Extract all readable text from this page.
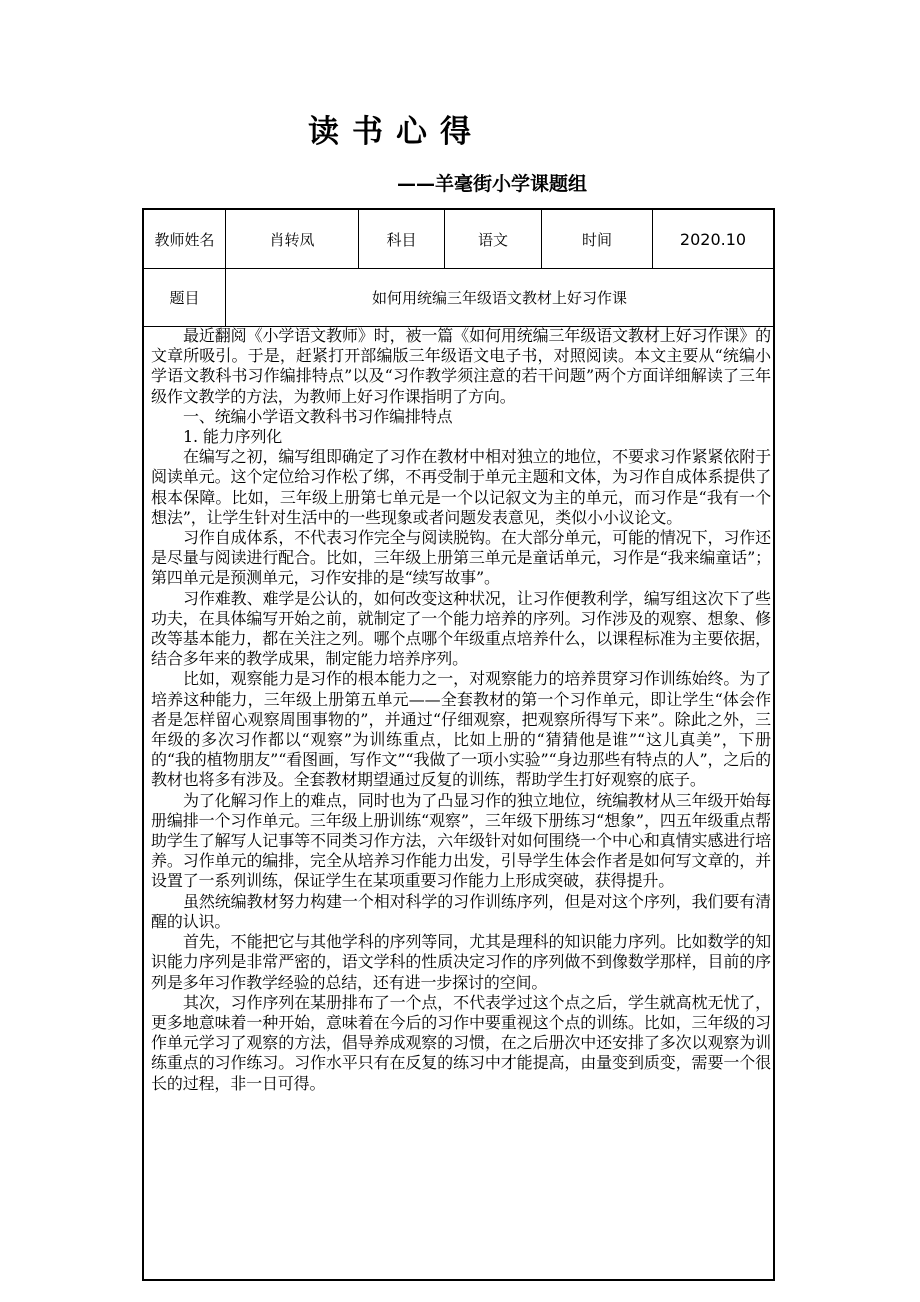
读书心得
——羊毫街小学课题组
教师姓名	肖转凤	科目	语文	时间	2020.10
题目	如何用统编三年级语文教材上好习作课

最近翻阅《小学语文教师》时，被一篇《如何用统编三年级语文教材上好习作课》的文章所吸引。于是，赶紧打开部编版三年级语文电子书，对照阅读。本文主要从“统编小学语文教科书习作编排特点”以及“习作教学须注意的若干问题”两个方面详细解读了三年级作文教学的方法，为教师上好习作课指明了方向。

一、统编小学语文教科书习作编排特点

1. 能力序列化

在编写之初，编写组即确定了习作在教材中相对独立的地位，不要求习作紧紧依附于阅读单元。这个定位给习作松了绑，不再受制于单元主题和文体，为习作自成体系提供了根本保障。比如，三年级上册第七单元是一个以记叙文为主的单元，而习作是“我有一个想法”，让学生针对生活中的一些现象或者问题发表意见，类似小小议论文。

习作自成体系，不代表习作完全与阅读脱钩。在大部分单元，可能的情况下，习作还是尽量与阅读进行配合。比如，三年级上册第三单元是童话单元，习作是“我来编童话”；第四单元是预测单元，习作安排的是“续写故事”。

习作难教、难学是公认的，如何改变这种状况，让习作便教利学，编写组这次下了些功夫，在具体编写开始之前，就制定了一个能力培养的序列。习作涉及的观察、想象、修改等基本能力，都在关注之列。哪个点哪个年级重点培养什么，以课程标准为主要依据，结合多年来的教学成果，制定能力培养序列。

比如，观察能力是习作的根本能力之一，对观察能力的培养贯穿习作训练始终。为了培养这种能力，三年级上册第五单元——全套教材的第一个习作单元，即让学生“体会作者是怎样留心观察周围事物的”，并通过“仔细观察，把观察所得写下来”。除此之外，三年级的多次习作都以“观察”为训练重点，比如上册的“猜猜他是谁”“这儿真美”，下册的“我的植物朋友”“看图画，写作文”“我做了一项小实验”“身边那些有特点的人”，之后的教材也将多有涉及。全套教材期望通过反复的训练，帮助学生打好观察的底子。

为了化解习作上的难点，同时也为了凸显习作的独立地位，统编教材从三年级开始每册编排一个习作单元。三年级上册训练“观察”，三年级下册练习“想象”，四五年级重点帮助学生了解写人记事等不同类习作方法，六年级针对如何围绕一个中心和真情实感进行培养。习作单元的编排，完全从培养习作能力出发，引导学生体会作者是如何写文章的，并设置了一系列训练，保证学生在某项重要习作能力上形成突破，获得提升。

虽然统编教材努力构建一个相对科学的习作训练序列，但是对这个序列，我们要有清醒的认识。

首先，不能把它与其他学科的序列等同，尤其是理科的知识能力序列。比如数学的知识能力序列是非常严密的，语文学科的性质决定习作的序列做不到像数学那样，目前的序列是多年习作教学经验的总结，还有进一步探讨的空间。

其次，习作序列在某册排布了一个点，不代表学过这个点之后，学生就高枕无忧了，更多地意味着一种开始，意味着在今后的习作中要重视这个点的训练。比如，三年级的习作单元学习了观察的方法，倡导养成观察的习惯，在之后册次中还安排了多次以观察为训练重点的习作练习。习作水平只有在反复的练习中才能提高，由量变到质变，需要一个很长的过程，非一日可得。
